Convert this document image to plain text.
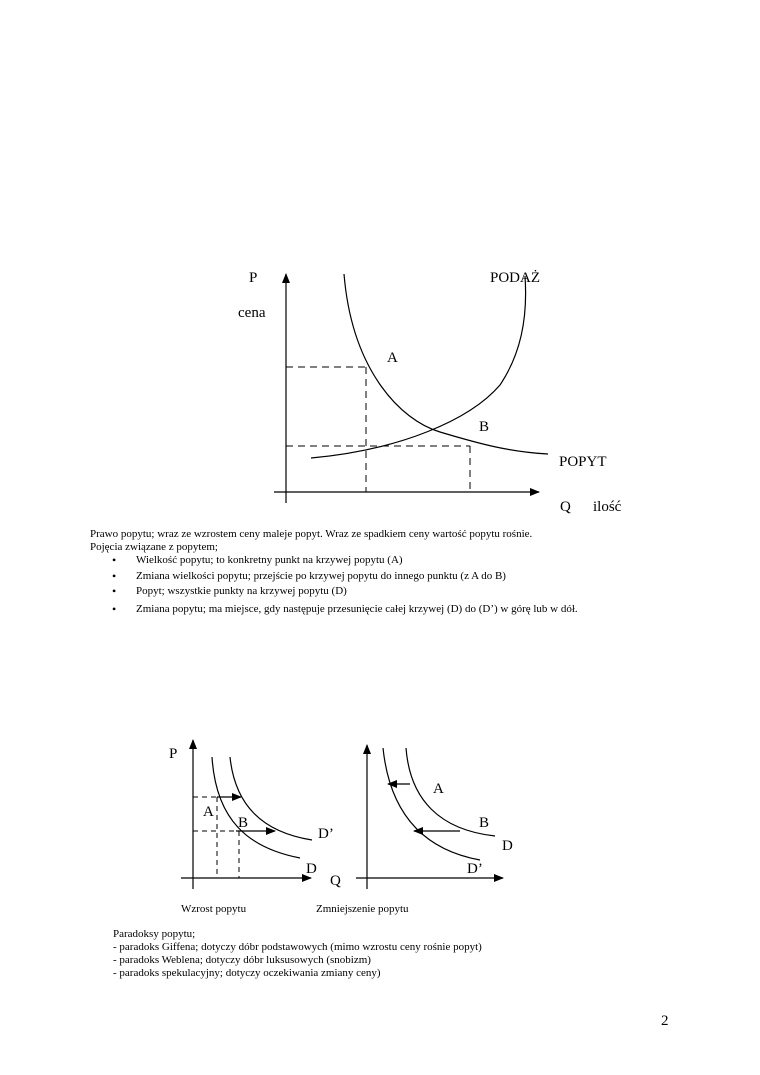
P
cena
PODAŻ
A
B
POPYT
Q ilość
P
A
B
D’
D
Q
Wzrost popytu
A
B
D
D’
Zmniejszenie popytu
Prawo popytu; wraz ze wzrostem ceny maleje popyt. Wraz ze spadkiem ceny wartość popytu rośnie.
Pojęcia związane z popytem;
• Wielkość popytu; to konkretny punkt na krzywej popytu (A)
• Zmiana wielkości popytu; przejście po krzywej popytu do innego punktu (z A do B)
• Popyt; wszystkie punkty na krzywej popytu (D)
• Zmiana popytu; ma miejsce, gdy następuje przesunięcie całej krzywej (D) do (D’) w górę lub w dół.
Paradoksy popytu;
- paradoks Giffena; dotyczy dóbr podstawowych (mimo wzrostu ceny rośnie popyt)
- paradoks Weblena; dotyczy dóbr luksusowych (snobizm)
- paradoks spekulacyjny; dotyczy oczekiwania zmiany ceny)
2
